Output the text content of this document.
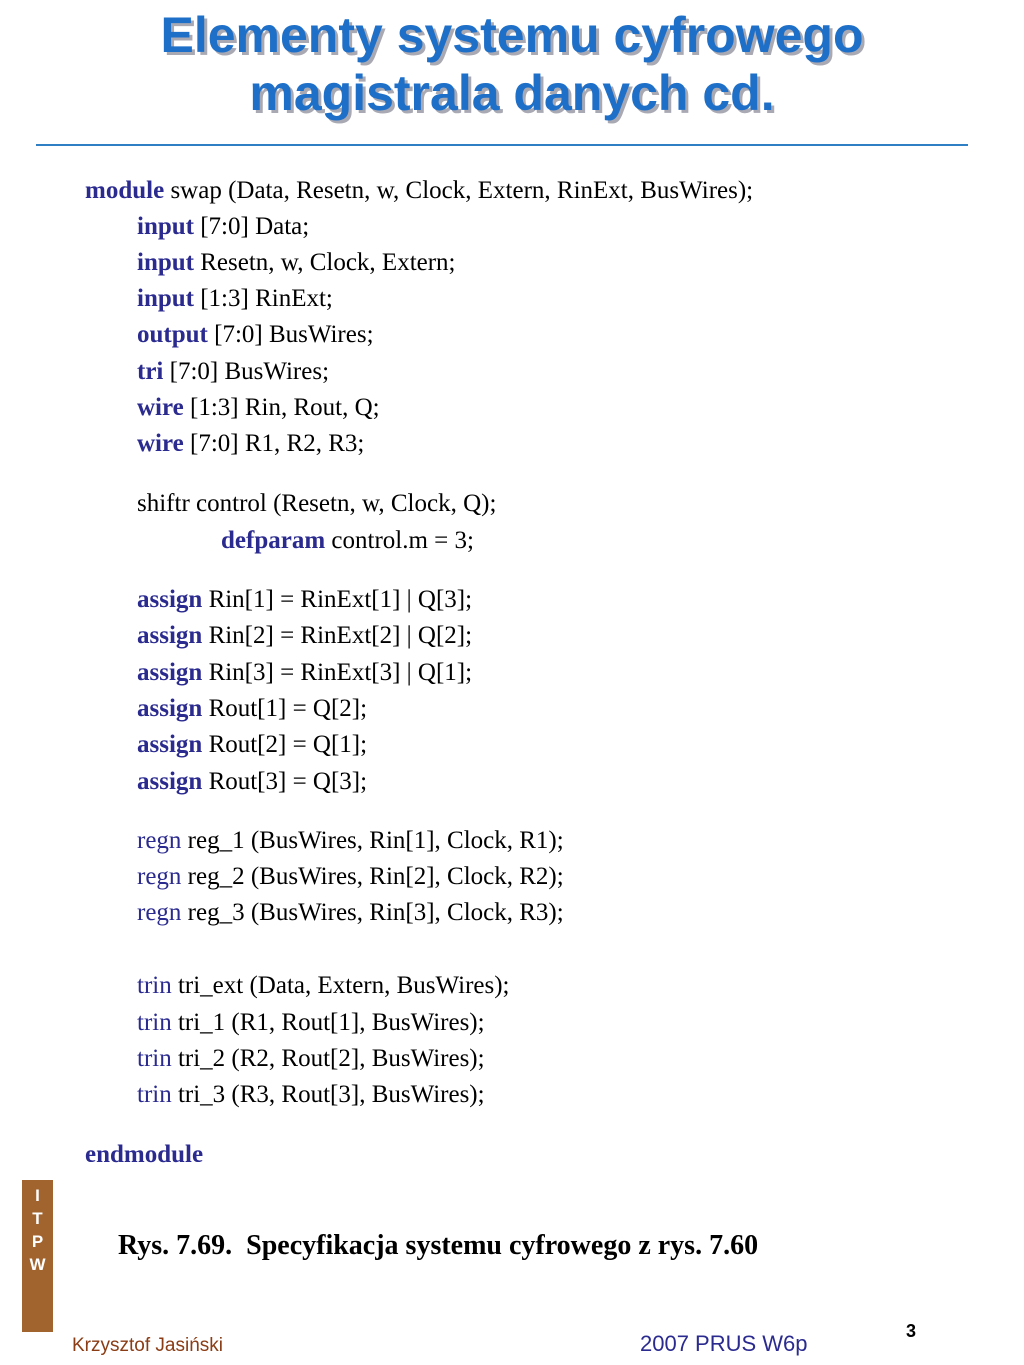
Elementy systemu cyfrowego
magistrala danych cd.
module swap (Data, Resetn, w, Clock, Extern, RinExt, BusWires);
input [7:0] Data;
input Resetn, w, Clock, Extern;
input [1:3] RinExt;
output [7:0] BusWires;
tri [7:0] BusWires;
wire [1:3] Rin, Rout, Q;
wire [7:0] R1, R2, R3;
shiftr control (Resetn, w, Clock, Q);
defparam control.m = 3;
assign Rin[1] = RinExt[1] | Q[3];
assign Rin[2] = RinExt[2] | Q[2];
assign Rin[3] = RinExt[3] | Q[1];
assign Rout[1] = Q[2];
assign Rout[2] = Q[1];
assign Rout[3] = Q[3];
regn reg_1 (BusWires, Rin[1], Clock, R1);
regn reg_2 (BusWires, Rin[2], Clock, R2);
regn reg_3 (BusWires, Rin[3], Clock, R3);
trin tri_ext (Data, Extern, BusWires);
trin tri_1 (R1, Rout[1], BusWires);
trin tri_2 (R2, Rout[2], BusWires);
trin tri_3 (R3, Rout[3], BusWires);
endmodule
I
T
P
W
Rys. 7.69.  Specyfikacja systemu cyfrowego z rys. 7.60
3
Krzysztof Jasiński	2007 PRUS W6p
